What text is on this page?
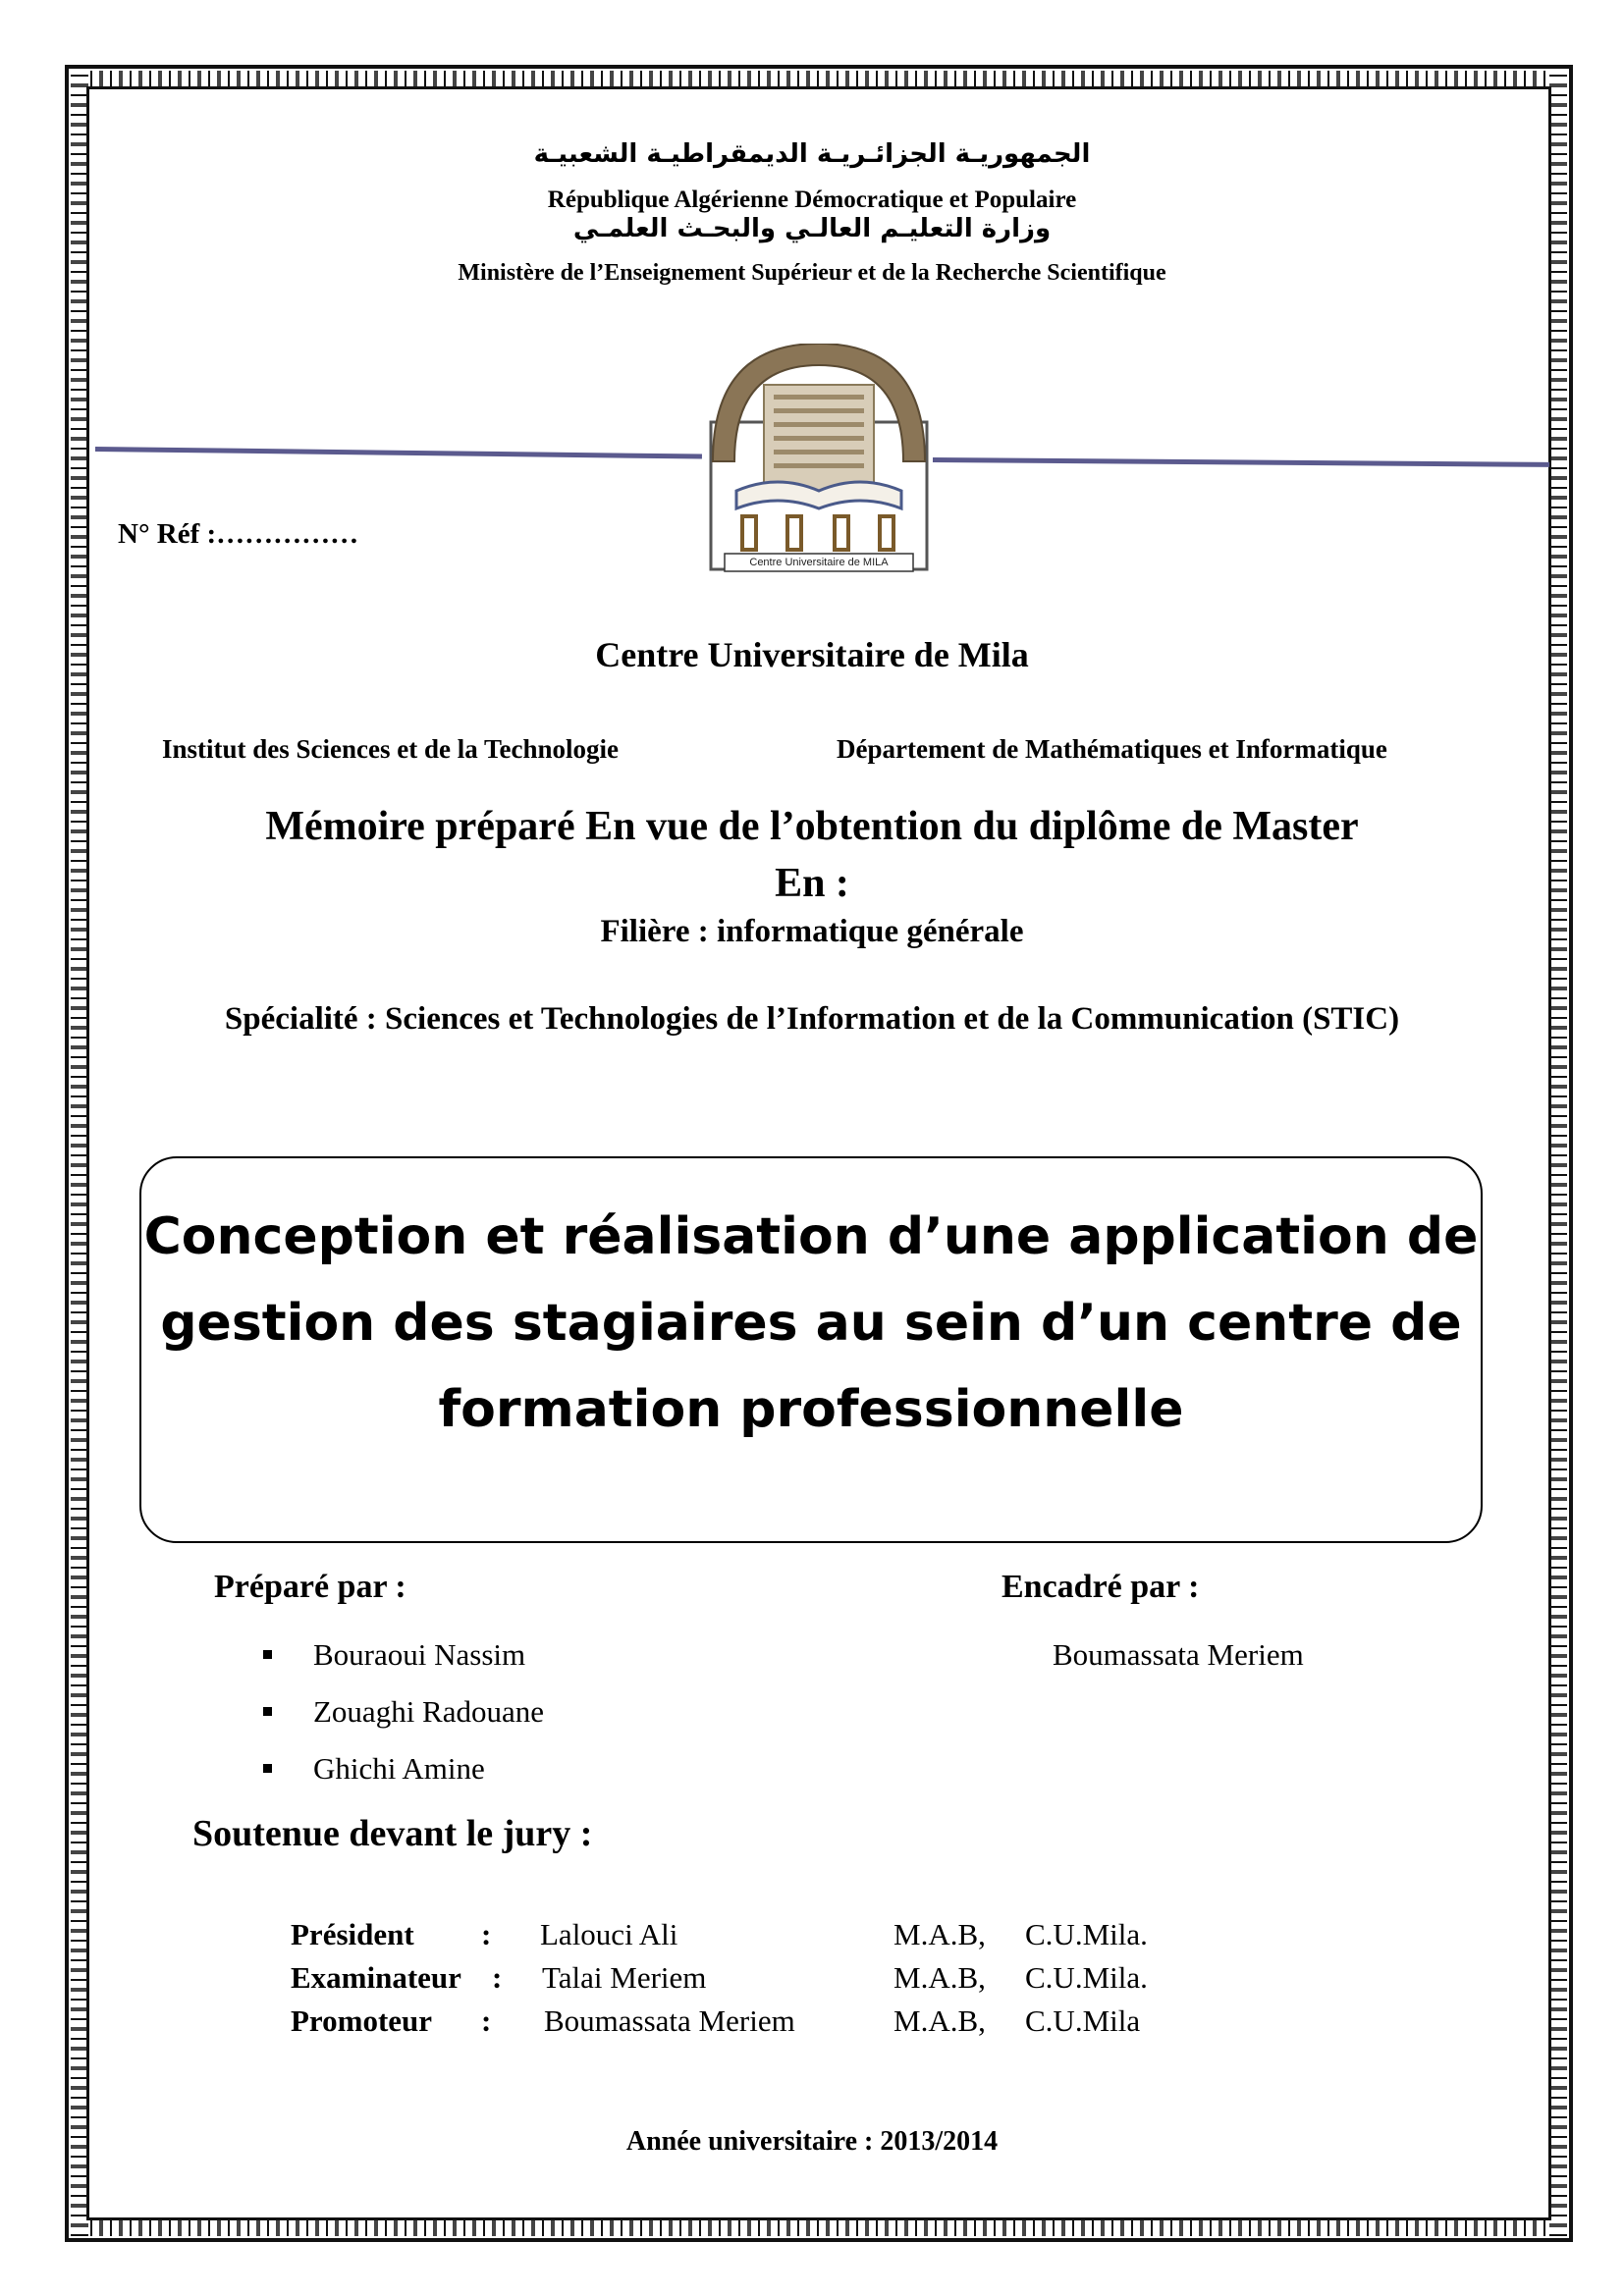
الجمهوريـة الجزائـريـة الديمقراطيـة الشعبيـة
République Algérienne Démocratique et Populaire
وزارة التعليـم العالـي والبحـث العلمـي
Ministère de l’Enseignement Supérieur et de la Recherche Scientifique
Centre Universitaire de MILA
N° Réf :……………
Centre Universitaire de Mila
Institut des Sciences et de la Technologie	Département de Mathématiques et Informatique
Mémoire préparé En vue de l’obtention du diplôme de Master
En :
Filière : informatique générale
Spécialité : Sciences et Technologies de l’Information et de la Communication (STIC)
Conception et réalisation d’une application de
gestion des stagiaires au sein d’un centre de
formation professionnelle
Préparé par :	Encadré par :
Bouraoui Nassim
Zouaghi Radouane
Ghichi Amine
Boumassata Meriem
Soutenue devant le jury :
Président : Lalouci Ali	M.A.B, C.U.Mila.
Examinateur : Talai Meriem	M.A.B, C.U.Mila.
Promoteur : Boumassata Meriem	M.A.B, C.U.Mila
Année universitaire : 2013/2014
